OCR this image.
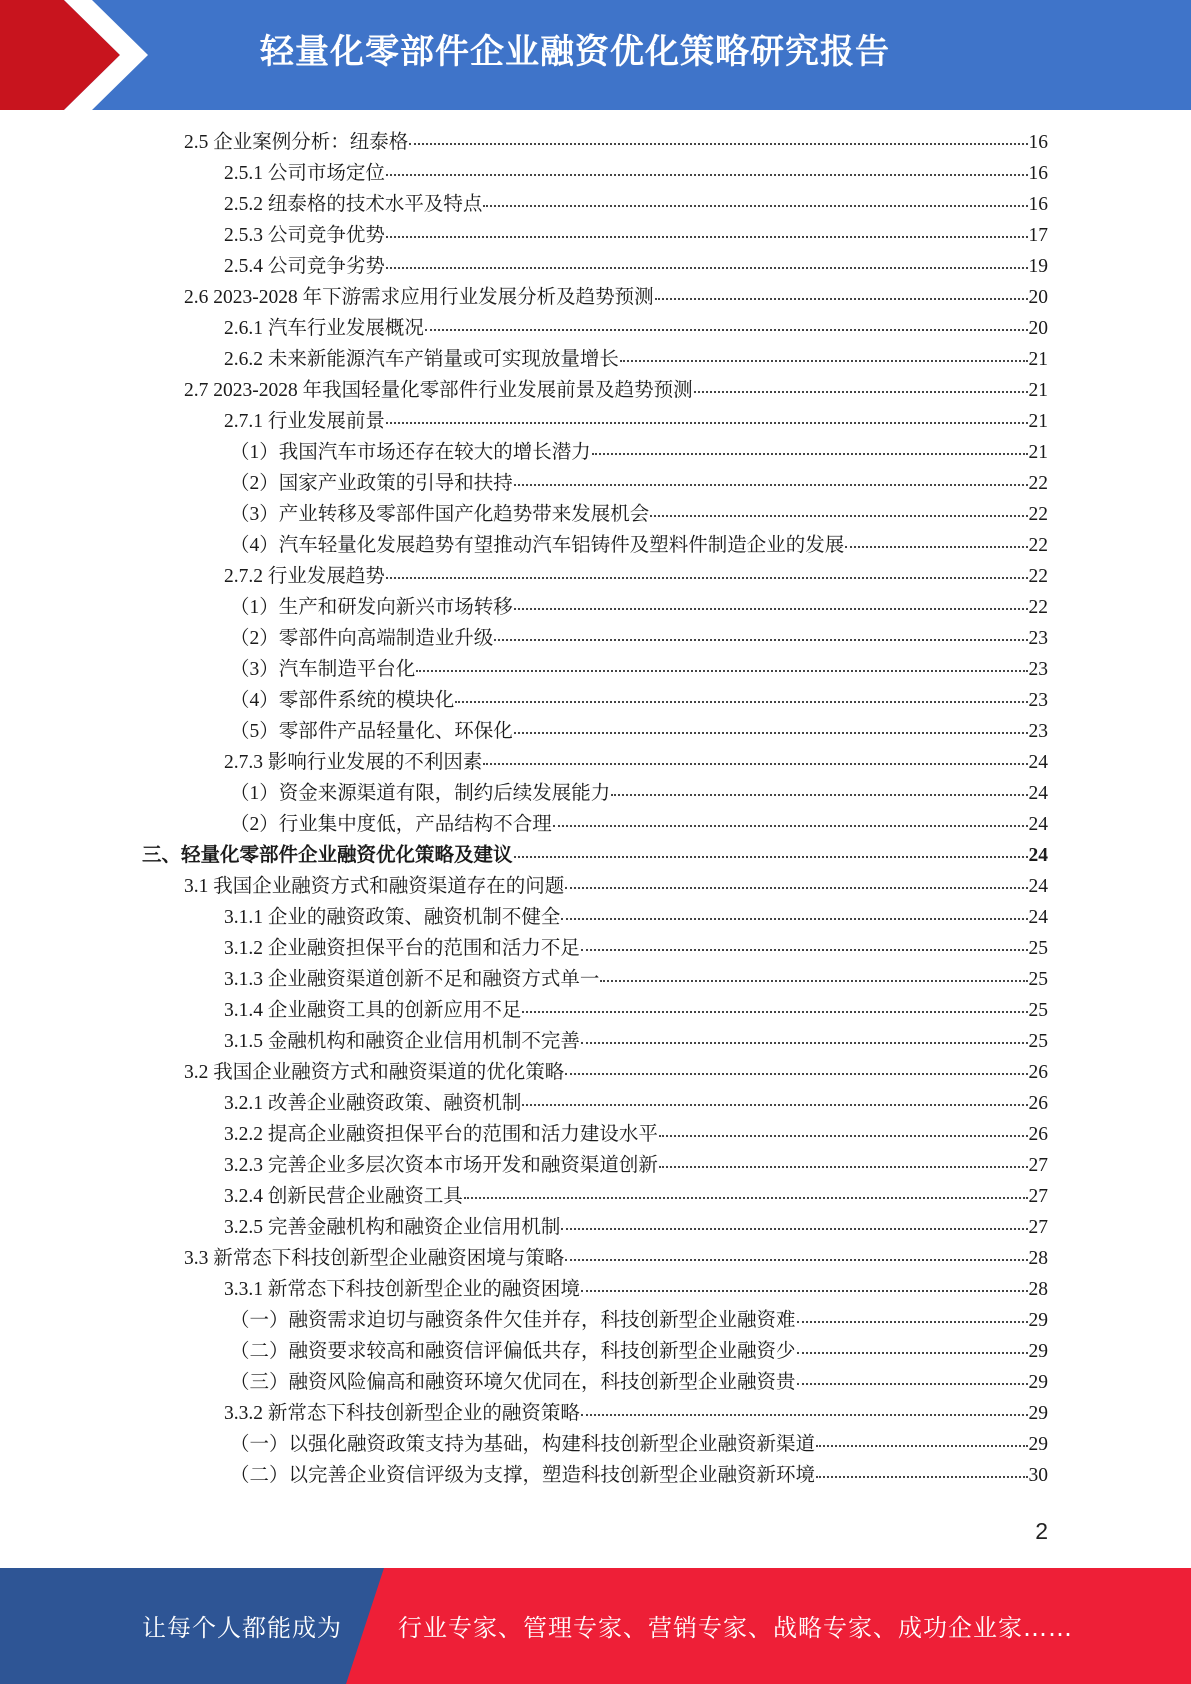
轻量化零部件企业融资优化策略研究报告
2.5 企业案例分析：纽泰格	16
2.5.1 公司市场定位	16
2.5.2 纽泰格的技术水平及特点	16
2.5.3 公司竞争优势	17
2.5.4 公司竞争劣势	19
2.6 2023-2028 年下游需求应用行业发展分析及趋势预测	20
2.6.1 汽车行业发展概况	20
2.6.2 未来新能源汽车产销量或可实现放量增长	21
2.7 2023-2028 年我国轻量化零部件行业发展前景及趋势预测	21
2.7.1 行业发展前景	21
（1）我国汽车市场还存在较大的增长潜力	21
（2）国家产业政策的引导和扶持	22
（3）产业转移及零部件国产化趋势带来发展机会	22
（4）汽车轻量化发展趋势有望推动汽车铝铸件及塑料件制造企业的发展	22
2.7.2 行业发展趋势	22
（1）生产和研发向新兴市场转移	22
（2）零部件向高端制造业升级	23
（3）汽车制造平台化	23
（4）零部件系统的模块化	23
（5）零部件产品轻量化、环保化	23
2.7.3 影响行业发展的不利因素	24
（1）资金来源渠道有限，制约后续发展能力	24
（2）行业集中度低，产品结构不合理	24
三、轻量化零部件企业融资优化策略及建议	24
3.1 我国企业融资方式和融资渠道存在的问题	24
3.1.1 企业的融资政策、融资机制不健全	24
3.1.2 企业融资担保平台的范围和活力不足	25
3.1.3 企业融资渠道创新不足和融资方式单一	25
3.1.4 企业融资工具的创新应用不足	25
3.1.5 金融机构和融资企业信用机制不完善	25
3.2 我国企业融资方式和融资渠道的优化策略	26
3.2.1 改善企业融资政策、融资机制	26
3.2.2 提高企业融资担保平台的范围和活力建设水平	26
3.2.3 完善企业多层次资本市场开发和融资渠道创新	27
3.2.4 创新民营企业融资工具	27
3.2.5 完善金融机构和融资企业信用机制	27
3.3 新常态下科技创新型企业融资困境与策略	28
3.3.1 新常态下科技创新型企业的融资困境	28
（一）融资需求迫切与融资条件欠佳并存，科技创新型企业融资难	29
（二）融资要求较高和融资信评偏低共存，科技创新型企业融资少	29
（三）融资风险偏高和融资环境欠优同在，科技创新型企业融资贵	29
3.3.2 新常态下科技创新型企业的融资策略	29
（一）以强化融资政策支持为基础，构建科技创新型企业融资新渠道	29
（二）以完善企业资信评级为支撑，塑造科技创新型企业融资新环境	30
2
让每个人都能成为 行业专家、管理专家、营销专家、战略专家、成功企业家……
